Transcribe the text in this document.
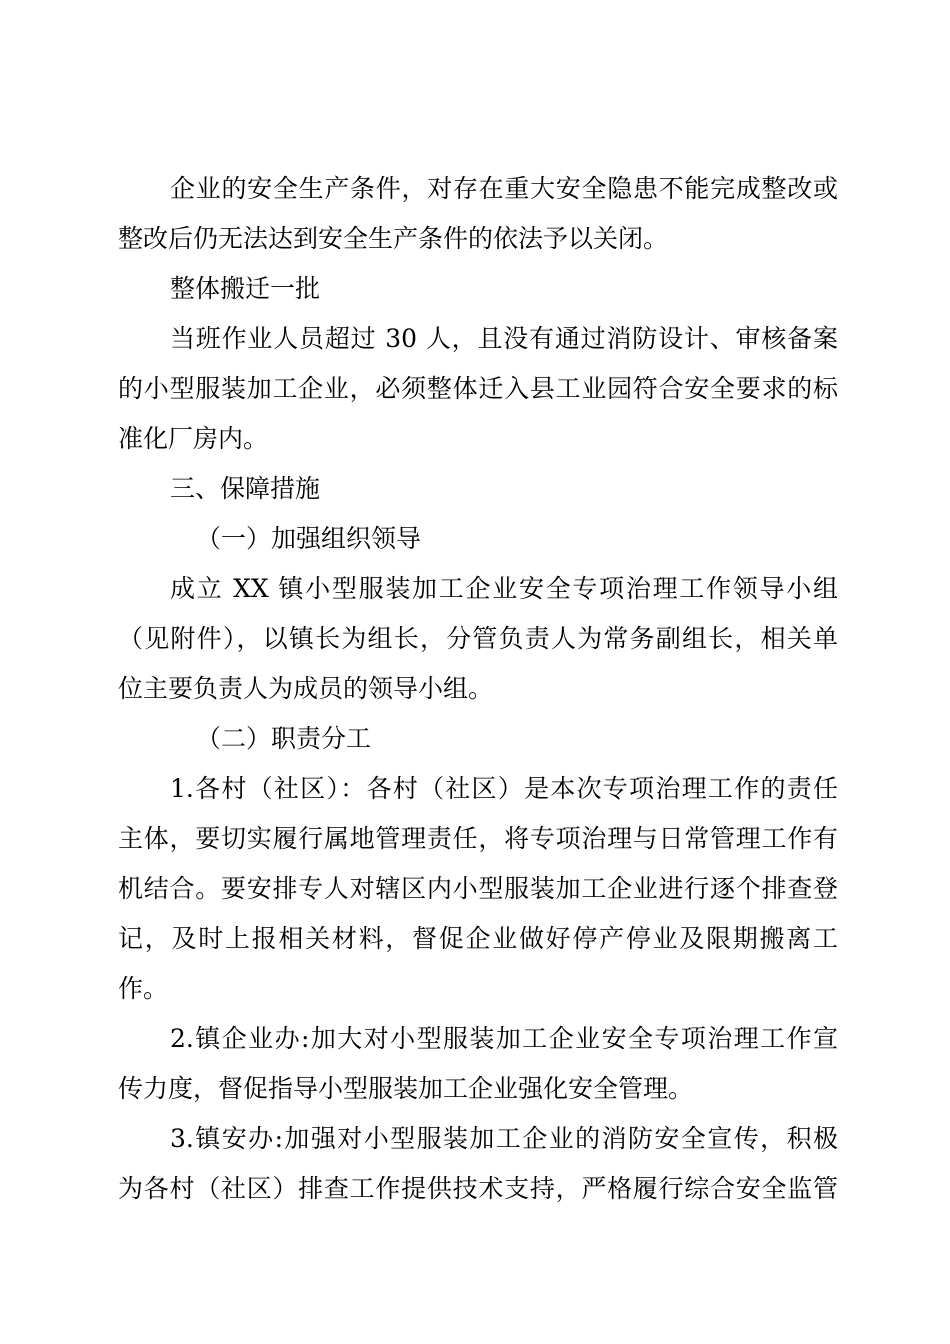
企业的安全生产条件，对存在重大安全隐患不能完成整改或
整改后仍无法达到安全生产条件的依法予以关闭。
整体搬迁一批
当班作业人员超过 30 人，且没有通过消防设计、审核备案
的小型服装加工企业，必须整体迁入县工业园符合安全要求的标
准化厂房内。
三、保障措施
（一）加强组织领导
成立 XX 镇小型服装加工企业安全专项治理工作领导小组
（见附件），以镇长为组长，分管负责人为常务副组长，相关单
位主要负责人为成员的领导小组。
（二）职责分工
1.各村（社区）：各村（社区）是本次专项治理工作的责任
主体，要切实履行属地管理责任，将专项治理与日常管理工作有
机结合。要安排专人对辖区内小型服装加工企业进行逐个排查登
记，及时上报相关材料，督促企业做好停产停业及限期搬离工
作。
2.镇企业办:加大对小型服装加工企业安全专项治理工作宣
传力度，督促指导小型服装加工企业强化安全管理。
3.镇安办:加强对小型服装加工企业的消防安全宣传，积极
为各村（社区）排查工作提供技术支持，严格履行综合安全监管
